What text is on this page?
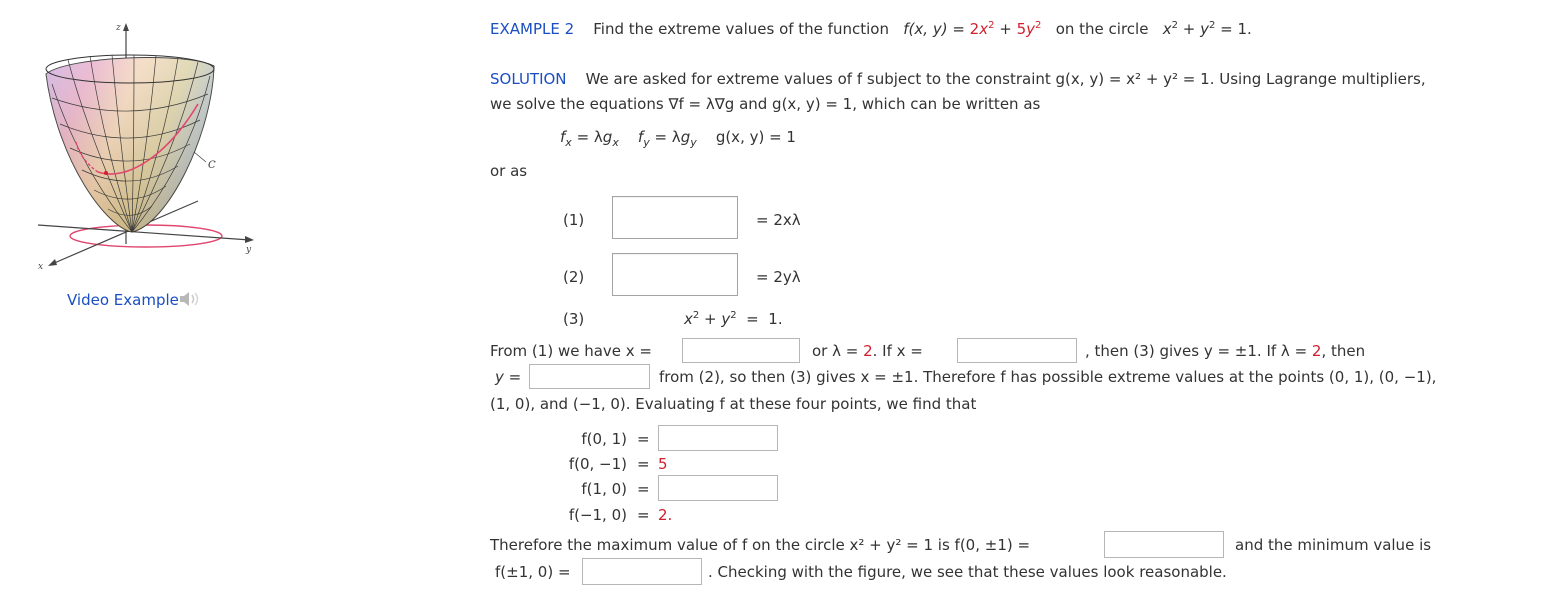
z
y
x
C
Video Example
EXAMPLE 2 Find the extreme values of the function f(x, $y) = 2x^2 + 5y^2$ on the circle $x^2 + y^2 = 1$.
SOLUTION We are asked for extreme values of f subject to the constraint g(x, y) = x² + y² = 1. Using Lagrange multipliers,
we solve the equations ∇f = λ∇g and g(x, y) = 1, which can be written as
$f_x = \lambda g_x$ $f_y = \lambda g_y$ g(x, y) = 1
or as
(1)	= 2xλ
(2)	= 2yλ
(3)	$x^2 + y^2 = 1$.
From (1) we have x =	or λ = 2. If x =	, then (3) gives y = ±1. If λ = 2, then
y =	from (2), so then (3) gives x = ±1. Therefore f has possible extreme values at the points (0, 1), (0, −1),
(1, 0), and (−1, 0). Evaluating f at these four points, we find that
f(0, 1) =
f(0, −1) = 5
f(1, 0) =
f(−1, 0) = 2.
Therefore the maximum value of f on the circle x² + y² = 1 is f(0, ±1) =	and the minimum value is
f(±1, 0) =	. Checking with the figure, we see that these values look reasonable.
